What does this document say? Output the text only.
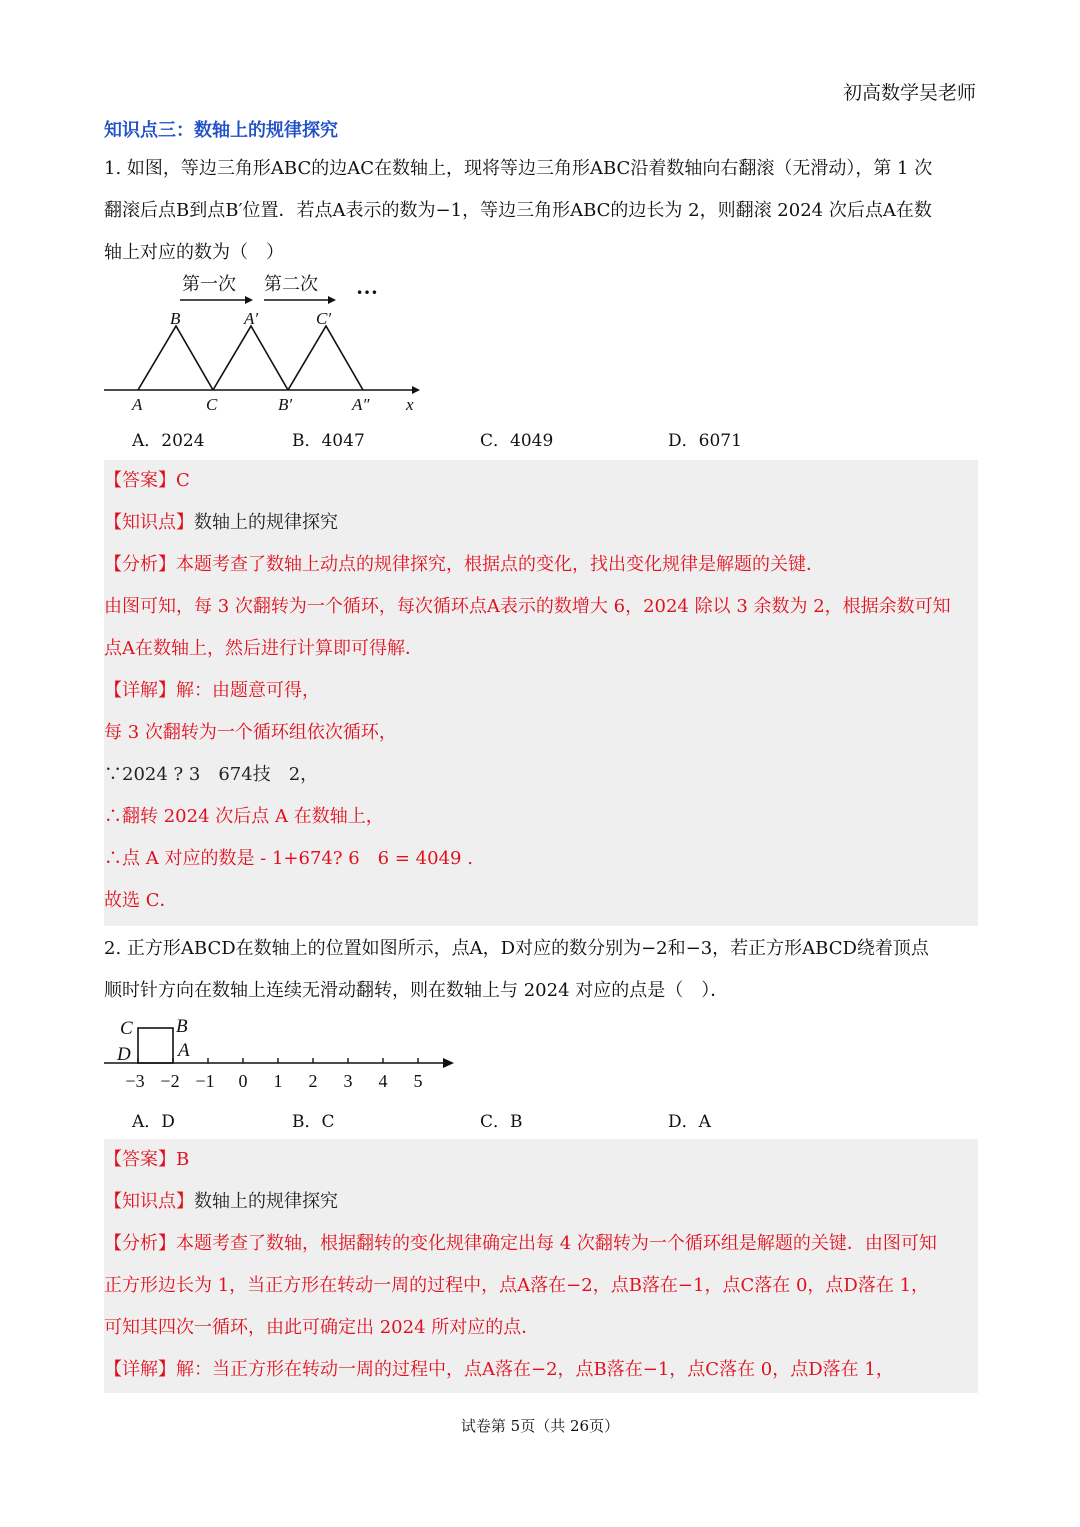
初高数学吴老师
知识点三：数轴上的规律探究

1. 如图，等边三角形ABC的边AC在数轴上，现将等边三角形ABC沿着数轴向右翻滚（无滑动），第 1 次

翻滚后点B到点B′位置．若点A表示的数为−1，等边三角形ABC的边长为 2，则翻滚 2024 次后点A在数

轴上对应的数为（　）

第一次 第二次 …
B	A′	C′
A	C	B′	A″ x
A．2024	B．4047	C．4049	D．6071

【答案】C

【知识点】数轴上的规律探究

【分析】本题考查了数轴上动点的规律探究，根据点的变化，找出变化规律是解题的关键．

由图可知，每 3 次翻转为一个循环，每次循环点A表示的数增大 6，2024 除以 3 余数为 2，根据余数可知

点A在数轴上，然后进行计算即可得解．

【详解】解：由题意可得，

每 3 次翻转为一个循环组依次循环，

∵2024 ? 3　674技　2，

∴翻转 2024 次后点 A 在数轴上，

∴点 A 对应的数是 - 1+674? 6　6 = 4049 .

故选 C．

2. 正方形ABCD在数轴上的位置如图所示，点A，D对应的数分别为−2和−3，若正方形ABCD绕着顶点

顺时针方向在数轴上连续无滑动翻转，则在数轴上与 2024 对应的点是（　）．

C B
D A
−3 −2 −1 0 1 2 3 4 5
A．D	B．C	C．B	D．A

【答案】B

【知识点】数轴上的规律探究

【分析】本题考查了数轴，根据翻转的变化规律确定出每 4 次翻转为一个循环组是解题的关键．由图可知

正方形边长为 1，当正方形在转动一周的过程中，点A落在−2，点B落在−1，点C落在 0，点D落在 1，

可知其四次一循环，由此可确定出 2024 所对应的点．

【详解】解：当正方形在转动一周的过程中，点A落在−2，点B落在−1，点C落在 0，点D落在 1，

试卷第 5页（共 26页）
